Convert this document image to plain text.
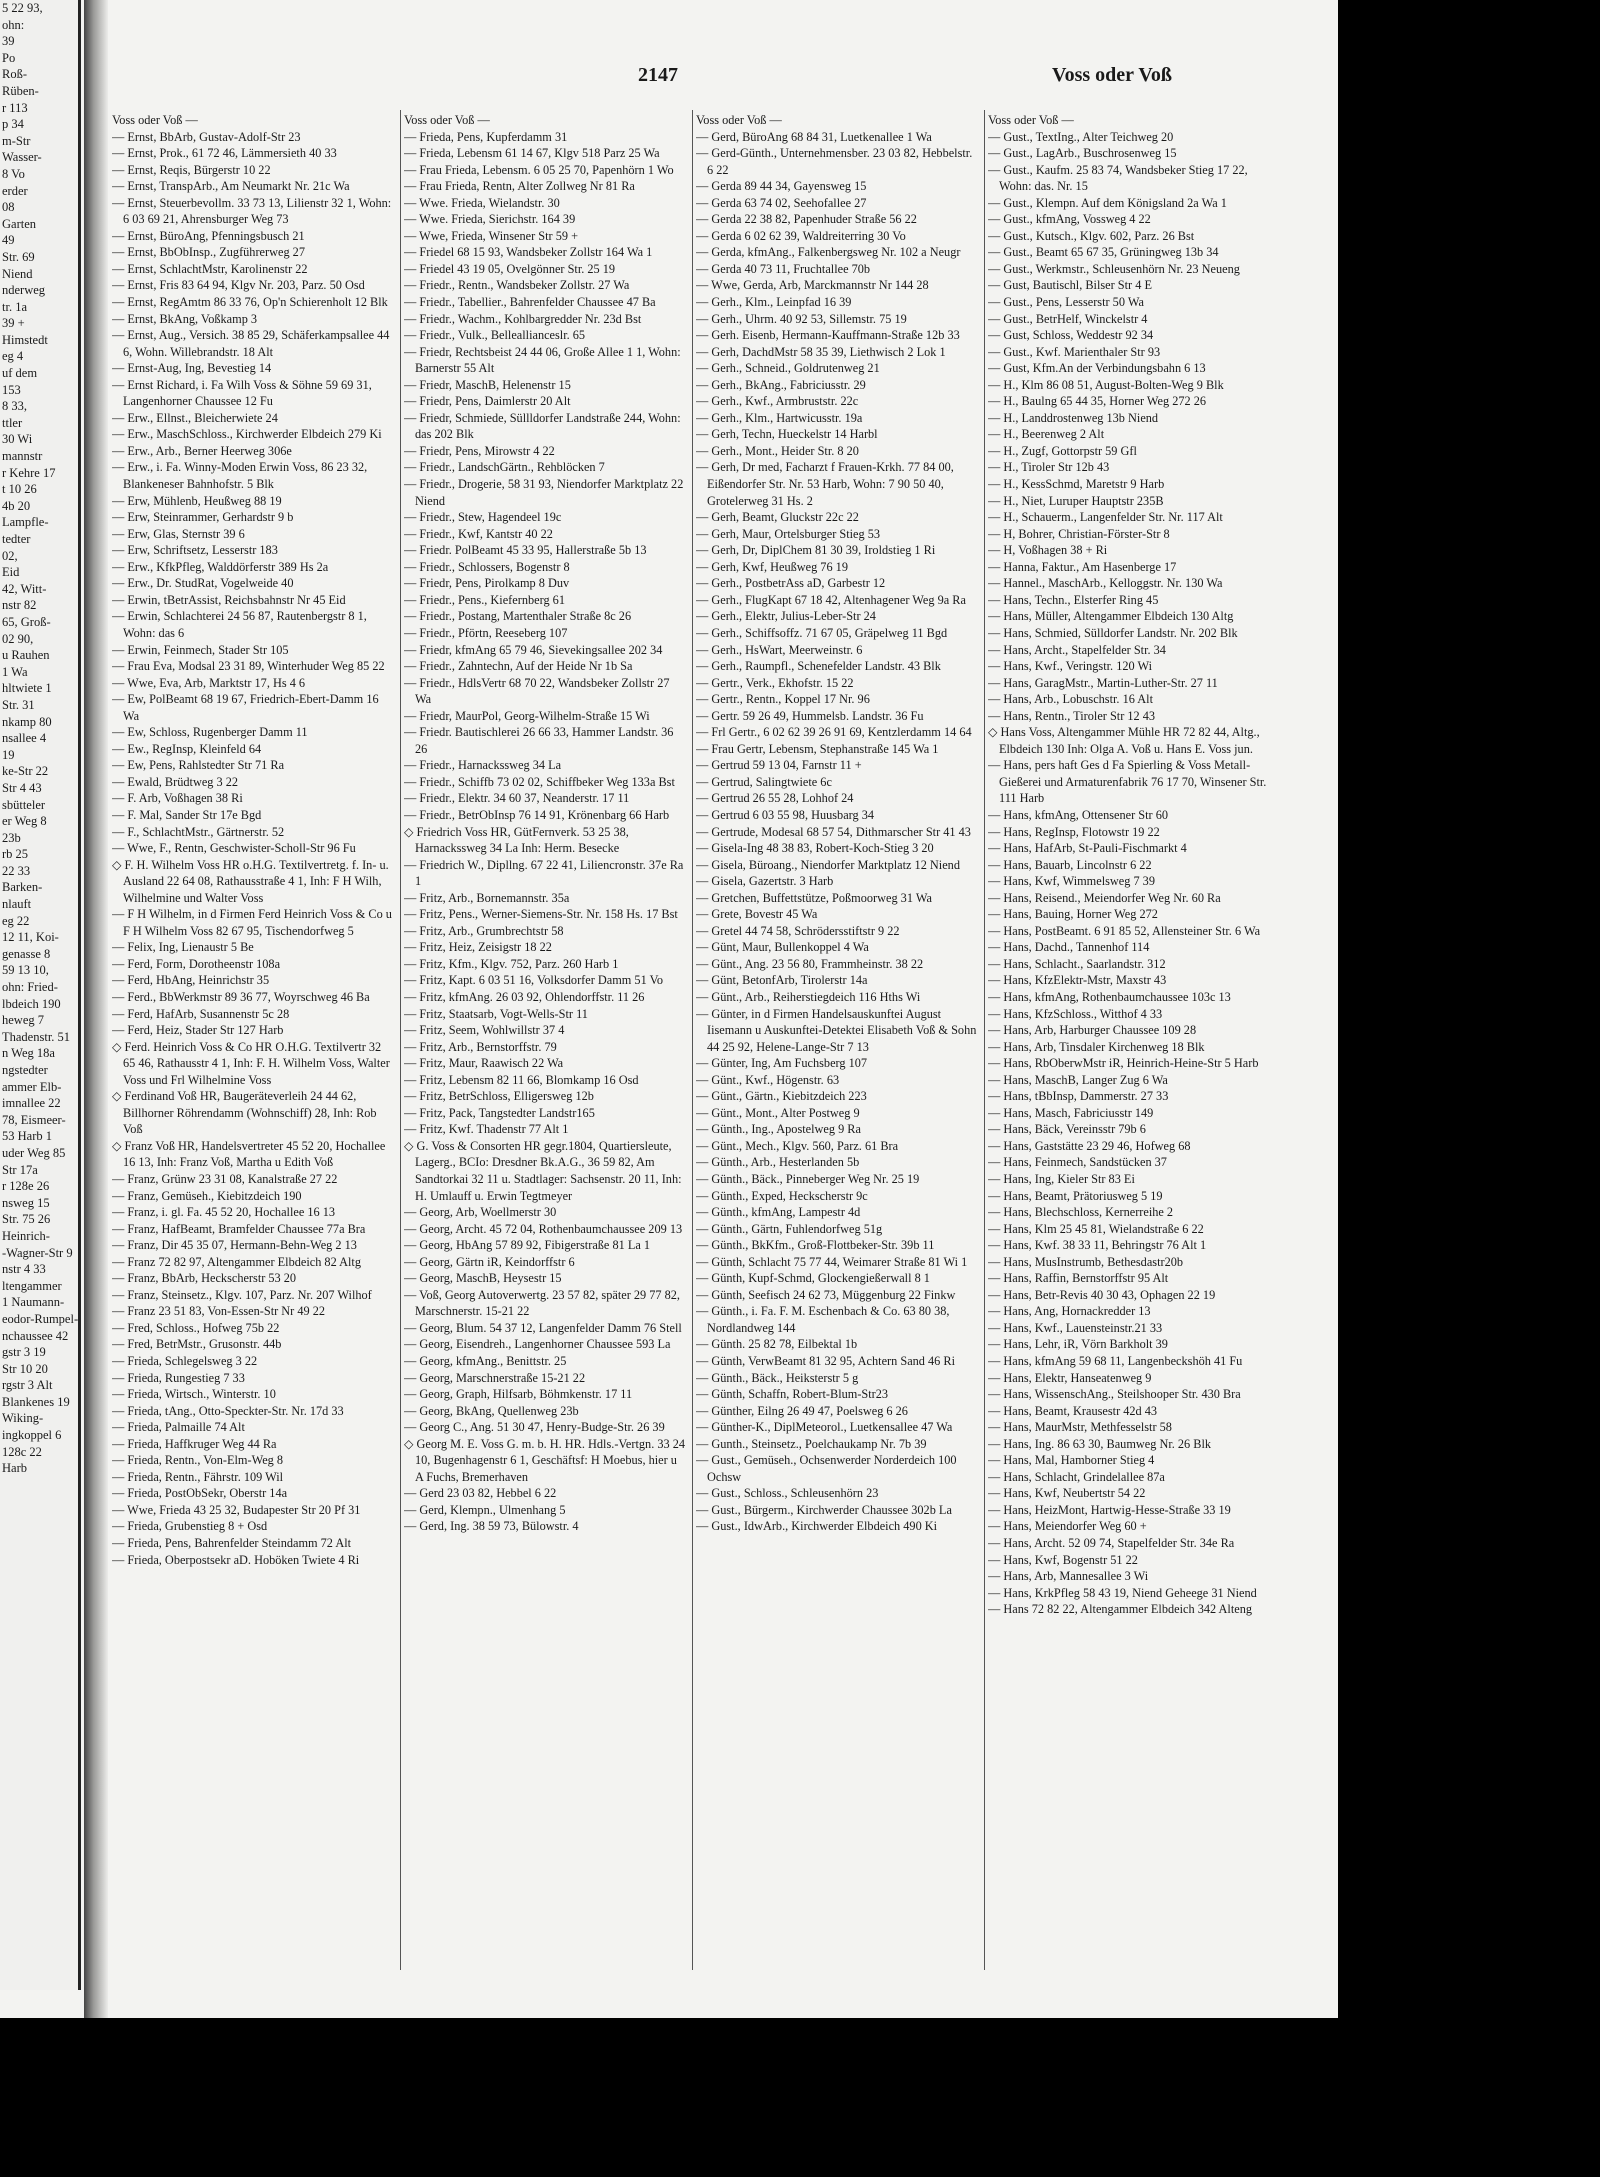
5 22 93,
ohn:
39
Po
Roß-
Rüben-
r 113
p 34
m-Str
Wasser-
8 Vo
erder
08
Garten
49
Str. 69
Niend
nderweg
tr. 1a
39 +
Himstedt
eg 4
uf dem
153
8 33,
ttler
30 Wi
mannstr
r Kehre 17
t 10 26
4b 20
Lampfle-
tedter
02,
Eid
42, Witt-
nstr 82
65, Groß-
02 90,
u Rauhen
1 Wa
hltwiete 1
Str. 31
nkamp 80
nsallee 4
19
ke-Str 22
Str 4 43
sbütteler
er Weg 8
23b
rb 25
22 33
Barken-
nlauft
eg 22
12 11, Koi-
genasse 8
59 13 10,
ohn: Fried-
lbdeich 190
heweg 7
Thadenstr. 51
n Weg 18a
ngstedter
ammer Elb-
imnallee 22
78, Eismeer-
53 Harb 1
uder Weg 85
Str 17a
r 128e 26
nsweg 15
Str. 75 26
Heinrich-
-Wagner-Str 9
nstr 4 33
ltengammer
1 Naumann-
eodor-Rumpel-
nchaussee 42
gstr 3 19
Str 10 20
rgstr 3 Alt
Blankenes 19
Wiking-
ingkoppel 6
128c 22
Harb
2147	Voss oder Voß
Voss oder Voß —
— Ernst, BbArb, Gustav-Adolf-Str 23
— Ernst, Prok., 61 72 46, Lämmersieth 40 33
— Ernst, Reqis, Bürgerstr 10 22
— Ernst, TranspArb., Am Neumarkt Nr. 21c Wa
— Ernst, Steuerbevollm. 33 73 13, Lilienstr 32 1, Wohn: 6 03 69 21, Ahrensburger Weg 73
— Ernst, BüroAng, Pfenningsbusch 21
— Ernst, BbObInsp., Zugführerweg 27
— Ernst, SchlachtMstr, Karolinenstr 22
— Ernst, Fris 83 64 94, Klgv Nr. 203, Parz. 50 Osd
— Ernst, RegAmtm 86 33 76, Op'n Schierenholt 12 Blk
— Ernst, BkAng, Voßkamp 3
— Ernst, Aug., Versich. 38 85 29, Schäferkampsallee 44 6, Wohn. Willebrandstr. 18 Alt
— Ernst-Aug, Ing, Bevestieg 14
— Ernst Richard, i. Fa Wilh Voss & Söhne 59 69 31, Langenhorner Chaussee 12 Fu
— Erw., Ellnst., Bleicherwiete 24
— Erw., MaschSchloss., Kirchwerder Elbdeich 279 Ki
— Erw., Arb., Berner Heerweg 306e
— Erw., i. Fa. Winny-Moden Erwin Voss, 86 23 32, Blankeneser Bahnhofstr. 5 Blk
— Erw, Mühlenb, Heußweg 88 19
— Erw, Steinrammer, Gerhardstr 9 b
— Erw, Glas, Sternstr 39 6
— Erw, Schriftsetz, Lesserstr 183
— Erw., KfkPfleg, Walddörferstr 389 Hs 2a
— Erw., Dr. StudRat, Vogelweide 40
— Erwin, tBetrAssist, Reichsbahnstr Nr 45 Eid
— Erwin, Schlachterei 24 56 87, Rautenbergstr 8 1, Wohn: das 6
— Erwin, Feinmech, Stader Str 105
— Frau Eva, Modsal 23 31 89, Winterhuder Weg 85 22
— Wwe, Eva, Arb, Marktstr 17, Hs 4 6
— Ew, PolBeamt 68 19 67, Friedrich-Ebert-Damm 16 Wa
— Ew, Schloss, Rugenberger Damm 11
— Ew., RegInsp, Kleinfeld 64
— Ew, Pens, Rahlstedter Str 71 Ra
— Ewald, Brüdtweg 3 22
— F. Arb, Voßhagen 38 Ri
— F. Mal, Sander Str 17e Bgd
— F., SchlachtMstr., Gärtnerstr. 52
— Wwe, F., Rentn, Geschwister-Scholl-Str 96 Fu
◇ F. H. Wilhelm Voss HR o.H.G. Textilvertretg. f. In- u. Ausland 22 64 08, Rathausstraße 4 1, Inh: F H Wilh, Wilhelmine und Walter Voss
— F H Wilhelm, in d Firmen Ferd Heinrich Voss & Co u F H Wilhelm Voss 82 67 95, Tischendorfweg 5
— Felix, Ing, Lienaustr 5 Be
— Ferd, Form, Dorotheenstr 108a
— Ferd, HbAng, Heinrichstr 35
— Ferd., BbWerkmstr 89 36 77, Woyrschweg 46 Ba
— Ferd, HafArb, Susannenstr 5c 28
— Ferd, Heiz, Stader Str 127 Harb
◇ Ferd. Heinrich Voss & Co HR O.H.G. Textilvertr 32 65 46, Rathausstr 4 1, Inh: F. H. Wilhelm Voss, Walter Voss und Frl Wilhelmine Voss
◇ Ferdinand Voß HR, Baugeräteverleih 24 44 62, Billhorner Röhrendamm (Wohnschiff) 28, Inh: Rob Voß
◇ Franz Voß HR, Handelsvertreter 45 52 20, Hochallee 16 13, Inh: Franz Voß, Martha u Edith Voß
— Franz, Grünw 23 31 08, Kanalstraße 27 22
— Franz, Gemüseh., Kiebitzdeich 190
— Franz, i. gl. Fa. 45 52 20, Hochallee 16 13
— Franz, HafBeamt, Bramfelder Chaussee 77a Bra
— Franz, Dir 45 35 07, Hermann-Behn-Weg 2 13
— Franz 72 82 97, Altengammer Elbdeich 82 Altg
— Franz, BbArb, Heckscherstr 53 20
— Franz, Steinsetz., Klgv. 107, Parz. Nr. 207 Wilhof
— Franz 23 51 83, Von-Essen-Str Nr 49 22
— Fred, Schloss., Hofweg 75b 22
— Fred, BetrMstr., Grusonstr. 44b
— Frieda, Schlegelsweg 3 22
— Frieda, Rungestieg 7 33
— Frieda, Wirtsch., Winterstr. 10
— Frieda, tAng., Otto-Speckter-Str. Nr. 17d 33
— Frieda, Palmaille 74 Alt
— Frieda, Haffkruger Weg 44 Ra
— Frieda, Rentn., Von-Elm-Weg 8
— Frieda, Rentn., Fährstr. 109 Wil
— Frieda, PostObSekr, Oberstr 14a
— Wwe, Frieda 43 25 32, Budapester Str 20 Pf 31
— Frieda, Grubenstieg 8 + Osd
— Frieda, Pens, Bahrenfelder Steindamm 72 Alt
— Frieda, Oberpostsekr aD. Hoböken Twiete 4 Ri
Voss oder Voß —
— Frieda, Pens, Kupferdamm 31
— Frieda, Lebensm 61 14 67, Klgv 518 Parz 25 Wa
— Frau Frieda, Lebensm. 6 05 25 70, Papenhörn 1 Wo
— Frau Frieda, Rentn, Alter Zollweg Nr 81 Ra
— Wwe. Frieda, Wielandstr. 30
— Wwe. Frieda, Sierichstr. 164 39
— Wwe, Frieda, Winsener Str 59 +
— Friedel 68 15 93, Wandsbeker Zollstr 164 Wa 1
— Friedel 43 19 05, Ovelgönner Str. 25 19
— Friedr., Rentn., Wandsbeker Zollstr. 27 Wa
— Friedr., Tabellier., Bahrenfelder Chaussee 47 Ba
— Friedr., Wachm., Kohlbargredder Nr. 23d Bst
— Friedr., Vulk., Belleallianceslr. 65
— Friedr, Rechtsbeist 24 44 06, Große Allee 1 1, Wohn: Barnerstr 55 Alt
— Friedr, MaschB, Helenenstr 15
— Friedr, Pens, Daimlerstr 20 Alt
— Friedr, Schmiede, Süllldorfer Landstraße 244, Wohn: das 202 Blk
— Friedr, Pens, Mirowstr 4 22
— Friedr., LandschGärtn., Rehblöcken 7
— Friedr., Drogerie, 58 31 93, Niendorfer Marktplatz 22 Niend
— Friedr., Stew, Hagendeel 19c
— Friedr., Kwf, Kantstr 40 22
— Friedr. PolBeamt 45 33 95, Hallerstraße 5b 13
— Friedr., Schlossers, Bogenstr 8
— Friedr, Pens, Pirolkamp 8 Duv
— Friedr., Pens., Kiefernberg 61
— Friedr., Postang, Martenthaler Straße 8c 26
— Friedr., Pförtn, Reeseberg 107
— Friedr, kfmAng 65 79 46, Sievekingsallee 202 34
— Friedr., Zahntechn, Auf der Heide Nr 1b Sa
— Friedr., HdlsVertr 68 70 22, Wandsbeker Zollstr 27 Wa
— Friedr, MaurPol, Georg-Wilhelm-Straße 15 Wi
— Friedr. Bautischlerei 26 66 33, Hammer Landstr. 36 26
— Friedr., Harnackssweg 34 La
— Friedr., Schiffb 73 02 02, Schiffbeker Weg 133a Bst
— Friedr., Elektr. 34 60 37, Neanderstr. 17 11
— Friedr., BetrObInsp 76 14 91, Krönenbarg 66 Harb
◇ Friedrich Voss HR, GütFernverk. 53 25 38, Harnackssweg 34 La Inh: Herm. Besecke
— Friedrich W., Dipllng. 67 22 41, Liliencronstr. 37e Ra 1
— Fritz, Arb., Bornemannstr. 35a
— Fritz, Pens., Werner-Siemens-Str. Nr. 158 Hs. 17 Bst
— Fritz, Arb., Grumbrechtstr 58
— Fritz, Heiz, Zeisigstr 18 22
— Fritz, Kfm., Klgv. 752, Parz. 260 Harb 1
— Fritz, Kapt. 6 03 51 16, Volksdorfer Damm 51 Vo
— Fritz, kfmAng. 26 03 92, Ohlendorffstr. 11 26
— Fritz, Staatsarb, Vogt-Wells-Str 11
— Fritz, Seem, Wohlwillstr 37 4
— Fritz, Arb., Bernstorffstr. 79
— Fritz, Maur, Raawisch 22 Wa
— Fritz, Lebensm 82 11 66, Blomkamp 16 Osd
— Fritz, BetrSchloss, Elligersweg 12b
— Fritz, Pack, Tangstedter Landstr165
— Fritz, Kwf. Thadenstr 77 Alt 1
◇ G. Voss & Consorten HR gegr.1804, Quartiersleute, Lagerg., BCIo: Dresdner Bk.A.G., 36 59 82, Am Sandtorkai 32 11 u. Stadtlager: Sachsenstr. 20 11, Inh: H. Umlauff u. Erwin Tegtmeyer
— Georg, Arb, Woellmerstr 30
— Georg, Archt. 45 72 04, Rothenbaumchaussee 209 13
— Georg, HbAng 57 89 92, Fibigerstraße 81 La 1
— Georg, Gärtn iR, Keindorffstr 6
— Georg, MaschB, Heysestr 15
— Voß, Georg Autoverwertg. 23 57 82, später 29 77 82, Marschnerstr. 15-21 22
— Georg, Blum. 54 37 12, Langenfelder Damm 76 Stell
— Georg, Eisendreh., Langenhorner Chaussee 593 La
— Georg, kfmAng., Benittstr. 25
— Georg, Marschnerstraße 15-21 22
— Georg, Graph, Hilfsarb, Böhmkenstr. 17 11
— Georg, BkAng, Quellenweg 23b
— Georg C., Ang. 51 30 47, Henry-Budge-Str. 26 39
◇ Georg M. E. Voss G. m. b. H. HR. Hdls.-Vertgn. 33 24 10, Bugenhagenstr 6 1, Geschäftsf: H Moebus, hier u A Fuchs, Bremerhaven
— Gerd 23 03 82, Hebbel 6 22
— Gerd, Klempn., Ulmenhang 5
— Gerd, Ing. 38 59 73, Bülowstr. 4
Voss oder Voß —
— Gerd, BüroAng 68 84 31, Luetkenallee 1 Wa
— Gerd-Günth., Unternehmensber. 23 03 82, Hebbelstr. 6 22
— Gerda 89 44 34, Gayensweg 15
— Gerda 63 74 02, Seehofallee 27
— Gerda 22 38 82, Papenhuder Straße 56 22
— Gerda 6 02 62 39, Waldreiterring 30 Vo
— Gerda, kfmAng., Falkenbergsweg Nr. 102 a Neugr
— Gerda 40 73 11, Fruchtallee 70b
— Wwe, Gerda, Arb, Marckmannstr Nr 144 28
— Gerh., Klm., Leinpfad 16 39
— Gerh., Uhrm. 40 92 53, Sillemstr. 75 19
— Gerh. Eisenb, Hermann-Kauffmann-Straße 12b 33
— Gerh, DachdMstr 58 35 39, Liethwisch 2 Lok 1
— Gerh., Schneid., Goldrutenweg 21
— Gerh., BkAng., Fabriciusstr. 29
— Gerh., Kwf., Armbruststr. 22c
— Gerh., Klm., Hartwicusstr. 19a
— Gerh, Techn, Hueckelstr 14 Harbl
— Gerh., Mont., Heider Str. 8 20
— Gerh, Dr med, Facharzt f Frauen-Krkh. 77 84 00, Eißendorfer Str. Nr. 53 Harb, Wohn: 7 90 50 40, Grotelerweg 31 Hs. 2
— Gerh, Beamt, Gluckstr 22c 22
— Gerh, Maur, Ortelsburger Stieg 53
— Gerh, Dr, DiplChem 81 30 39, Iroldstieg 1 Ri
— Gerh, Kwf, Heußweg 76 19
— Gerh., PostbetrAss aD, Garbestr 12
— Gerh., FlugKapt 67 18 42, Altenhagener Weg 9a Ra
— Gerh., Elektr, Julius-Leber-Str 24
— Gerh., Schiffsoffz. 71 67 05, Gräpelweg 11 Bgd
— Gerh., HsWart, Meerweinstr. 6
— Gerh., Raumpfl., Schenefelder Landstr. 43 Blk
— Gertr., Verk., Ekhofstr. 15 22
— Gertr., Rentn., Koppel 17 Nr. 96
— Gertr. 59 26 49, Hummelsb. Landstr. 36 Fu
— Frl Gertr., 6 02 62 39 26 91 69, Kentzlerdamm 14 64
— Frau Gertr, Lebensm, Stephanstraße 145 Wa 1
— Gertrud 59 13 04, Farnstr 11 +
— Gertrud, Salingtwiete 6c
— Gertrud 26 55 28, Lohhof 24
— Gertrud 6 03 55 98, Huusbarg 34
— Gertrude, Modesal 68 57 54, Dithmarscher Str 41 43
— Gisela-Ing 48 38 83, Robert-Koch-Stieg 3 20
— Gisela, Büroang., Niendorfer Marktplatz 12 Niend
— Gisela, Gazertstr. 3 Harb
— Gretchen, Buffettstütze, Poßmoorweg 31 Wa
— Grete, Bovestr 45 Wa
— Gretel 44 74 58, Schrödersstiftstr 9 22
— Günt, Maur, Bullenkoppel 4 Wa
— Günt., Ang. 23 56 80, Frammheinstr. 38 22
— Günt, BetonfArb, Tirolerstr 14a
— Günt., Arb., Reiherstiegdeich 116 Hths Wi
— Günter, in d Firmen Handelsauskunftei August Iisemann u Auskunftei-Detektei Elisabeth Voß & Sohn 44 25 92, Helene-Lange-Str 7 13
— Günter, Ing, Am Fuchsberg 107
— Günt., Kwf., Högenstr. 63
— Günt., Gärtn., Kiebitzdeich 223
— Günt., Mont., Alter Postweg 9
— Günth., Ing., Apostelweg 9 Ra
— Günt., Mech., Klgv. 560, Parz. 61 Bra
— Günth., Arb., Hesterlanden 5b
— Günth., Bäck., Pinneberger Weg Nr. 25 19
— Günth., Exped, Heckscherstr 9c
— Günth., kfmAng, Lampestr 4d
— Günth., Gärtn, Fuhlendorfweg 51g
— Günth., BkKfm., Groß-Flottbeker-Str. 39b 11
— Günth, Schlacht 75 77 44, Weimarer Straße 81 Wi 1
— Günth, Kupf-Schmd, Glockengießerwall 8 1
— Günth, Seefisch 24 62 73, Müggenburg 22 Finkw
— Günth., i. Fa. F. M. Eschenbach & Co. 63 80 38, Nordlandweg 144
— Günth. 25 82 78, Eilbektal 1b
— Günth, VerwBeamt 81 32 95, Achtern Sand 46 Ri
— Günth., Bäck., Heiksterstr 5 g
— Günth, Schaffn, Robert-Blum-Str23
— Günther, Eilng 26 49 47, Poelsweg 6 26
— Günther-K., DiplMeteorol., Luetkensallee 47 Wa
— Gunth., Steinsetz., Poelchaukamp Nr. 7b 39
— Gust., Gemüseh., Ochsenwerder Norderdeich 100 Ochsw
— Gust., Schloss., Schleusenhörn 23
— Gust., Bürgerm., Kirchwerder Chaussee 302b La
— Gust., IdwArb., Kirchwerder Elbdeich 490 Ki
Voss oder Voß —
— Gust., TextIng., Alter Teichweg 20
— Gust., LagArb., Buschrosenweg 15
— Gust., Kaufm. 25 83 74, Wandsbeker Stieg 17 22, Wohn: das. Nr. 15
— Gust., Klempn. Auf dem Königsland 2a Wa 1
— Gust., kfmAng, Vossweg 4 22
— Gust., Kutsch., Klgv. 602, Parz. 26 Bst
— Gust., Beamt 65 67 35, Grüningweg 13b 34
— Gust., Werkmstr., Schleusenhörn Nr. 23 Neueng
— Gust, Bautischl, Bilser Str 4 E
— Gust., Pens, Lesserstr 50 Wa
— Gust., BetrHelf, Winckelstr 4
— Gust, Schloss, Weddestr 92 34
— Gust., Kwf. Marienthaler Str 93
— Gust, Kfm.An der Verbindungsbahn 6 13
— H., Klm 86 08 51, August-Bolten-Weg 9 Blk
— H., Baulng 65 44 35, Horner Weg 272 26
— H., Landdrostenweg 13b Niend
— H., Beerenweg 2 Alt
— H., Zugf, Gottorpstr 59 Gfl
— H., Tiroler Str 12b 43
— H., KessSchmd, Maretstr 9 Harb
— H., Niet, Luruper Hauptstr 235B
— H., Schauerm., Langenfelder Str. Nr. 117 Alt
— H, Bohrer, Christian-Förster-Str 8
— H, Voßhagen 38 + Ri
— Hanna, Faktur., Am Hasenberge 17
— Hannel., MaschArb., Kelloggstr. Nr. 130 Wa
— Hans, Techn., Elsterfer Ring 45
— Hans, Müller, Altengammer Elbdeich 130 Altg
— Hans, Schmied, Sülldorfer Landstr. Nr. 202 Blk
— Hans, Archt., Stapelfelder Str. 34
— Hans, Kwf., Veringstr. 120 Wi
— Hans, GaragMstr., Martin-Luther-Str. 27 11
— Hans, Arb., Lobuschstr. 16 Alt
— Hans, Rentn., Tiroler Str 12 43
◇ Hans Voss, Altengammer Mühle HR 72 82 44, Altg., Elbdeich 130 Inh: Olga A. Voß u. Hans E. Voss jun.
— Hans, pers haft Ges d Fa Spierling & Voss Metall-Gießerei und Armaturenfabrik 76 17 70, Winsener Str. 111 Harb
— Hans, kfmAng, Ottensener Str 60
— Hans, RegInsp, Flotowstr 19 22
— Hans, HafArb, St-Pauli-Fischmarkt 4
— Hans, Bauarb, Lincolnstr 6 22
— Hans, Kwf, Wimmelsweg 7 39
— Hans, Reisend., Meiendorfer Weg Nr. 60 Ra
— Hans, Bauing, Horner Weg 272
— Hans, PostBeamt. 6 91 85 52, Allensteiner Str. 6 Wa
— Hans, Dachd., Tannenhof 114
— Hans, Schlacht., Saarlandstr. 312
— Hans, KfzElektr-Mstr, Maxstr 43
— Hans, kfmAng, Rothenbaumchaussee 103c 13
— Hans, KfzSchloss., Witthof 4 33
— Hans, Arb, Harburger Chaussee 109 28
— Hans, Arb, Tinsdaler Kirchenweg 18 Blk
— Hans, RbOberwMstr iR, Heinrich-Heine-Str 5 Harb
— Hans, MaschB, Langer Zug 6 Wa
— Hans, tBbInsp, Dammerstr. 27 33
— Hans, Masch, Fabriciusstr 149
— Hans, Bäck, Vereinsstr 79b 6
— Hans, Gaststätte 23 29 46, Hofweg 68
— Hans, Feinmech, Sandstücken 37
— Hans, Ing, Kieler Str 83 Ei
— Hans, Beamt, Prätoriusweg 5 19
— Hans, Blechschloss, Kernerreihe 2
— Hans, Klm 25 45 81, Wielandstraße 6 22
— Hans, Kwf. 38 33 11, Behringstr 76 Alt 1
— Hans, MusInstrumb, Bethesdastr20b
— Hans, Raffin, Bernstorffstr 95 Alt
— Hans, Betr-Revis 40 30 43, Ophagen 22 19
— Hans, Ang, Hornackredder 13
— Hans, Kwf., Lauensteinstr.21 33
— Hans, Lehr, iR, Vörn Barkholt 39
— Hans, kfmAng 59 68 11, Langenbeckshöh 41 Fu
— Hans, Elektr, Hanseatenweg 9
— Hans, WissenschAng., Steilshooper Str. 430 Bra
— Hans, Beamt, Krausestr 42d 43
— Hans, MaurMstr, Methfesselstr 58
— Hans, Ing. 86 63 30, Baumweg Nr. 26 Blk
— Hans, Mal, Hamborner Stieg 4
— Hans, Schlacht, Grindelallee 87a
— Hans, Kwf, Neubertstr 54 22
— Hans, HeizMont, Hartwig-Hesse-Straße 33 19
— Hans, Meiendorfer Weg 60 +
— Hans, Archt. 52 09 74, Stapelfelder Str. 34e Ra
— Hans, Kwf, Bogenstr 51 22
— Hans, Arb, Mannesallee 3 Wi
— Hans, KrkPfleg 58 43 19, Niend Geheege 31 Niend
— Hans 72 82 22, Altengammer Elbdeich 342 Alteng
